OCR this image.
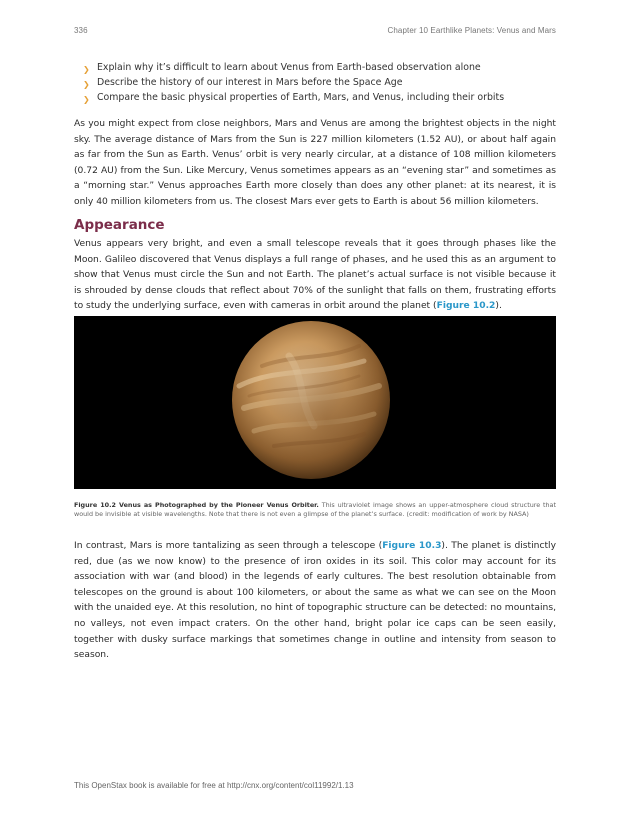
336	Chapter 10 Earthlike Planets: Venus and Mars
❯ Explain why it’s difficult to learn about Venus from Earth-based observation alone
❯ Describe the history of our interest in Mars before the Space Age
❯ Compare the basic physical properties of Earth, Mars, and Venus, including their orbits

As you might expect from close neighbors, Mars and Venus are among the brightest objects in the night sky. The average distance of Mars from the Sun is 227 million kilometers (1.52 AU), or about half again as far from the Sun as Earth. Venus’ orbit is very nearly circular, at a distance of 108 million kilometers (0.72 AU) from the Sun. Like Mercury, Venus sometimes appears as an “evening star” and sometimes as a “morning star.” Venus approaches Earth more closely than does any other planet: at its nearest, it is only 40 million kilometers from us. The closest Mars ever gets to Earth is about 56 million kilometers.

Appearance

Venus appears very bright, and even a small telescope reveals that it goes through phases like the Moon. Galileo discovered that Venus displays a full range of phases, and he used this as an argument to show that Venus must circle the Sun and not Earth. The planet’s actual surface is not visible because it is shrouded by dense clouds that reflect about 70% of the sunlight that falls on them, frustrating efforts to study the underlying surface, even with cameras in orbit around the planet (Figure 10.2).

Figure 10.2 Venus as Photographed by the Pioneer Venus Orbiter. This ultraviolet image shows an upper-atmosphere cloud structure that would be invisible at visible wavelengths. Note that there is not even a glimpse of the planet’s surface. (credit: modification of work by NASA)

In contrast, Mars is more tantalizing as seen through a telescope (Figure 10.3). The planet is distinctly red, due (as we now know) to the presence of iron oxides in its soil. This color may account for its association with war (and blood) in the legends of early cultures. The best resolution obtainable from telescopes on the ground is about 100 kilometers, or about the same as what we can see on the Moon with the unaided eye. At this resolution, no hint of topographic structure can be detected: no mountains, no valleys, not even impact craters. On the other hand, bright polar ice caps can be seen easily, together with dusky surface markings that sometimes change in outline and intensity from season to season.

This OpenStax book is available for free at http://cnx.org/content/col11992/1.13
